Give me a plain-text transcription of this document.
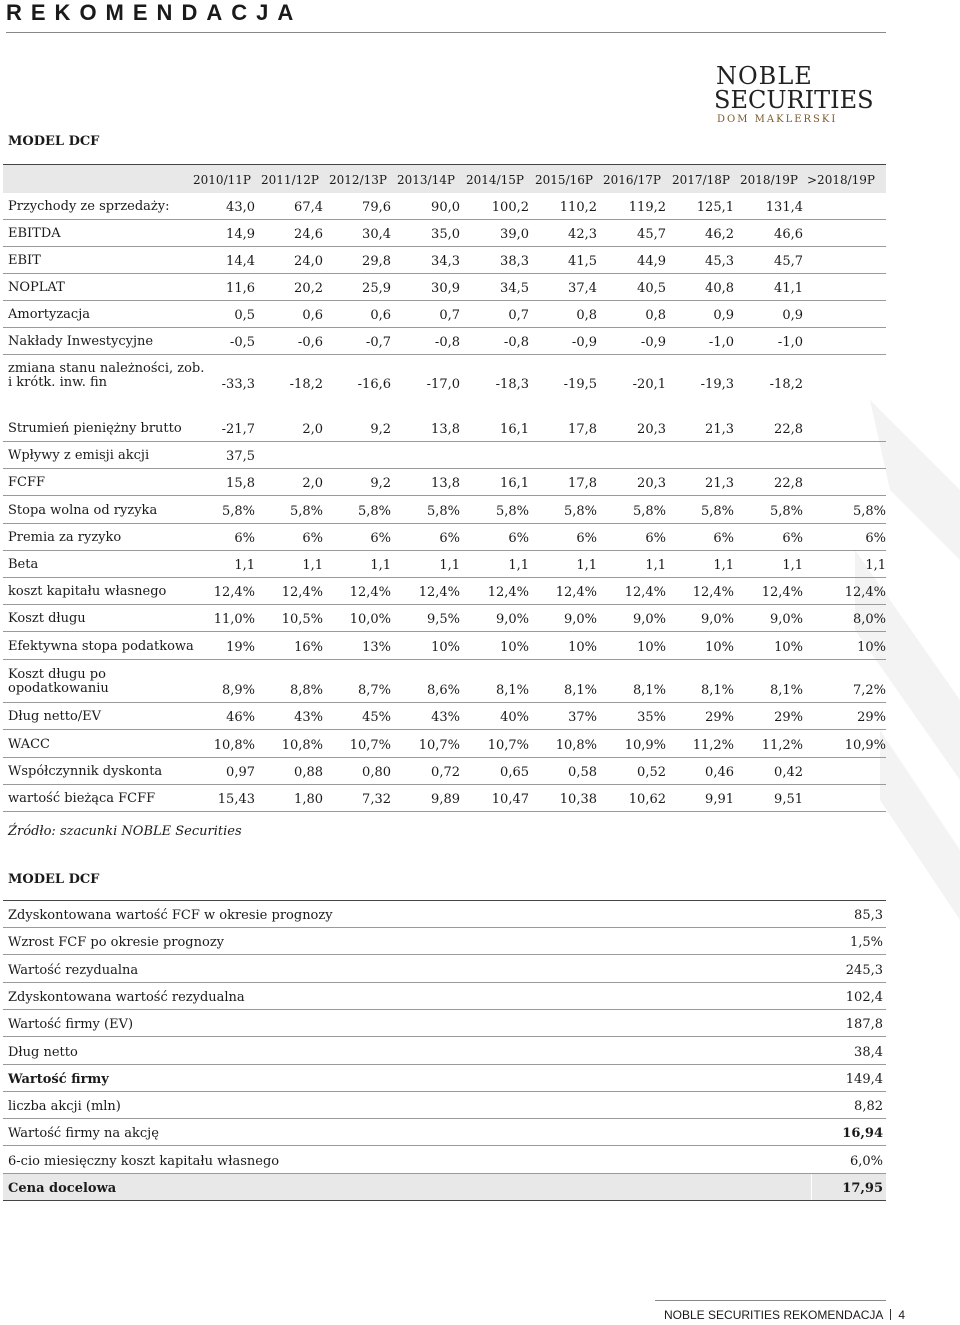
REKOMENDACJA
NOBLE
SECURITIES
DOM MAKLERSKI
MODEL DCF
2010/11P 2011/12P 2012/13P 2013/14P 2014/15P 2015/16P 2016/17P 2017/18P 2018/19P >2018/19P
Przychody ze sprzedaży:	43,0	67,4	79,6	90,0	100,2	110,2	119,2	125,1	131,4
EBITDA	14,9	24,6	30,4	35,0	39,0	42,3	45,7	46,2	46,6
EBIT	14,4	24,0	29,8	34,3	38,3	41,5	44,9	45,3	45,7
NOPLAT	11,6	20,2	25,9	30,9	34,5	37,4	40,5	40,8	41,1
Amortyzacja	0,5	0,6	0,6	0,7	0,7	0,8	0,8	0,9	0,9
Nakłady Inwestycyjne	-0,5	-0,6	-0,7	-0,8	-0,8	-0,9	-0,9	-1,0	-1,0
zmiana stanu należności, zob.
i krótk. inw. fin	-33,3	-18,2	-16,6	-17,0	-18,3	-19,5	-20,1	-19,3	-18,2
Strumień pieniężny brutto	-21,7	2,0	9,2	13,8	16,1	17,8	20,3	21,3	22,8
Wpływy z emisji akcji	37,5
FCFF	15,8	2,0	9,2	13,8	16,1	17,8	20,3	21,3	22,8
Stopa wolna od ryzyka	5,8%	5,8%	5,8%	5,8%	5,8%	5,8%	5,8%	5,8%	5,8%	5,8%
Premia za ryzyko	6%	6%	6%	6%	6%	6%	6%	6%	6%	6%
Beta	1,1	1,1	1,1	1,1	1,1	1,1	1,1	1,1	1,1	1,1
koszt kapitału własnego	12,4%	12,4%	12,4%	12,4%	12,4%	12,4%	12,4%	12,4%	12,4%	12,4%
Koszt długu	11,0%	10,5%	10,0%	9,5%	9,0%	9,0%	9,0%	9,0%	9,0%	8,0%
Efektywna stopa podatkowa	19%	16%	13%	10%	10%	10%	10%	10%	10%	10%
Koszt długu po
opodatkowaniu	8,9%	8,8%	8,7%	8,6%	8,1%	8,1%	8,1%	8,1%	8,1%	7,2%
Dług netto/EV	46%	43%	45%	43%	40%	37%	35%	29%	29%	29%
WACC	10,8%	10,8%	10,7%	10,7%	10,7%	10,8%	10,9%	11,2%	11,2%	10,9%
Współczynnik dyskonta	0,97	0,88	0,80	0,72	0,65	0,58	0,52	0,46	0,42
wartość bieżąca FCFF	15,43	1,80	7,32	9,89	10,47	10,38	10,62	9,91	9,51
Źródło: szacunki NOBLE Securities
MODEL DCF
Zdyskontowana wartość FCF w okresie prognozy	85,3
Wzrost FCF po okresie prognozy	1,5%
Wartość rezydualna	245,3
Zdyskontowana wartość rezydualna	102,4
Wartość firmy (EV)	187,8
Dług netto	38,4
Wartość firmy	149,4
liczba akcji (mln)	8,82
Wartość firmy na akcję	16,94
6-cio miesięczny koszt kapitału własnego	6,0%
Cena docelowa	17,95
NOBLE SECURITIES REKOMENDACJA 4
